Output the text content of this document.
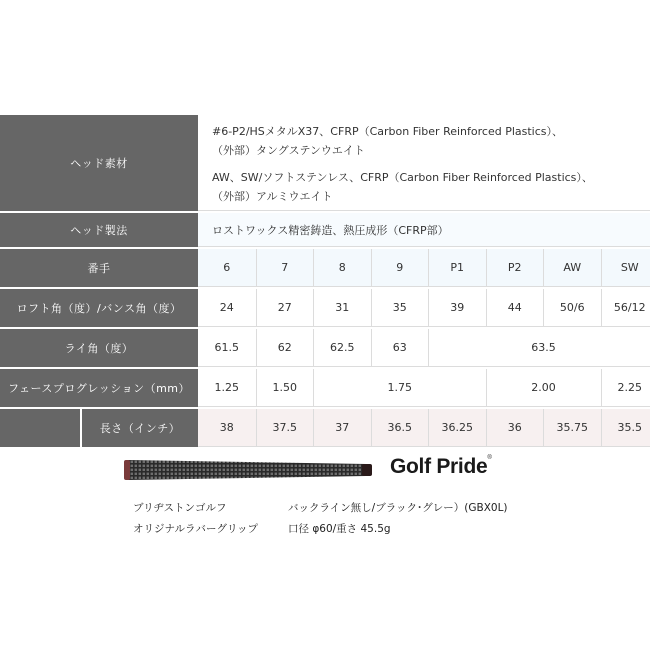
ヘッド素材
#6-P2/HSメタルX37、CFRP（Carbon Fiber Reinforced Plastics）、
（外部）タングステンウエイト
AW、SW/ソフトステンレス、CFRP（Carbon Fiber Reinforced Plastics）、
（外部）アルミウエイト
ヘッド製法	ロストワックス精密鋳造、熱圧成形（CFRP部）
番手	6	7	8	9	P1	P2	AW	SW
ロフト角（度）/バンス角（度）	24	27	31	35	39	44	50/6	56/12
ライ角（度）	61.5	62	62.5	63	63.5
フェースプログレッション（mm）	1.25	1.50	1.75	2.00	2.25
長さ（インチ）	38	37.5	37	36.5	36.25	36	35.75	35.5
Golf Pride®
ブリヂストンゴルフ
オリジナルラバーグリップ
バックライン無し/ブラック･グレー）(GBX0L)
口径 φ60/重さ 45.5g
